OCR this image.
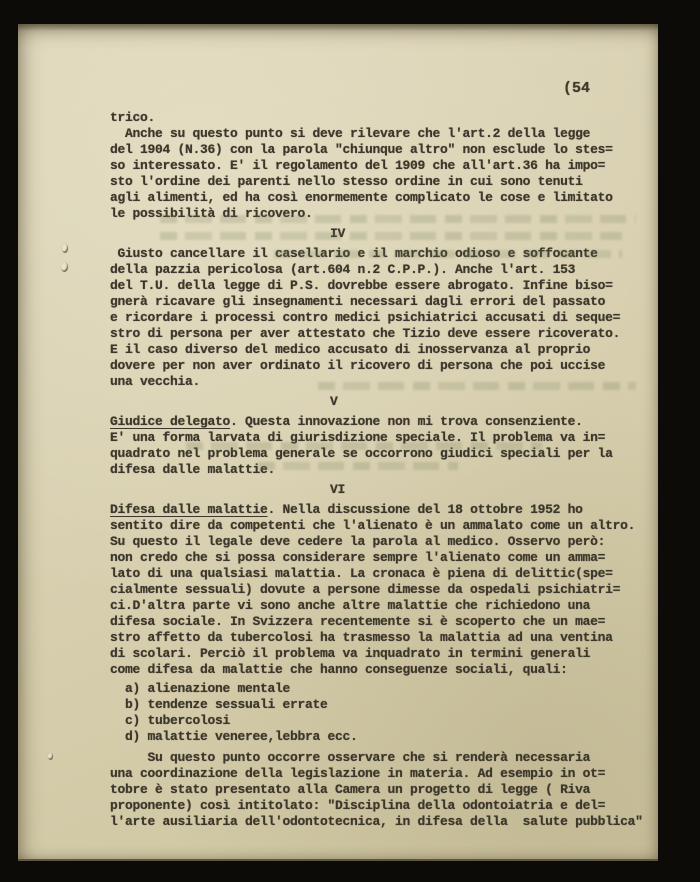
(54
trico.
Anche su questo punto si deve rilevare che l'art.2 della legge
del 1904 (N.36) con la parola "chiunque altro" non esclude lo stes=
so interessato. E' il regolamento del 1909 che all'art.36 ha impo=
sto l'ordine dei parenti nello stesso ordine in cui sono tenuti
agli alimenti, ed ha così enormemente complicato le cose e limitato
le possibilità di ricovero.
IV
Giusto cancellare il casellario e il marchio odioso e soffocante
della pazzia pericolosa (art.604 n.2 C.P.P.). Anche l'art. 153
del T.U. della legge di P.S. dovrebbe essere abrogato. Infine biso=
gnerà ricavare gli insegnamenti necessari dagli errori del passato
e ricordare i processi contro medici psichiatrici accusati di seque=
stro di persona per aver attestato che Tizio deve essere ricoverato.
E il caso diverso del medico accusato di inosservanza al proprio
dovere per non aver ordinato il ricovero di persona che poi uccise
una vecchia.
V
Giudice delegato. Questa innovazione non mi trova consenziente.
E' una forma larvata di giurisdizione speciale. Il problema va in=
quadrato nel problema generale se occorrono giudici speciali per la
difesa dalle malattie.
VI
Difesa dalle malattie. Nella discussione del 18 ottobre 1952 ho
sentito dire da competenti che l'alienato è un ammalato come un altro.
Su questo il legale deve cedere la parola al medico. Osservo però:
non credo che si possa considerare sempre l'alienato come un amma=
lato di una qualsiasi malattia. La cronaca è piena di delittic(spe=
cialmente sessuali) dovute a persone dimesse da ospedali psichiatri=
ci.D'altra parte vi sono anche altre malattie che richiedono una
difesa sociale. In Svizzera recentemente si è scoperto che un mae=
stro affetto da tubercolosi ha trasmesso la malattia ad una ventina
di scolari. Perciò il problema va inquadrato in termini generali
come difesa da malattie che hanno conseguenze sociali, quali:
a) alienazione mentale
b) tendenze sessuali errate
c) tubercolosi
d) malattie veneree,lebbra ecc.
Su questo punto occorre osservare che si renderà necessaria
una coordinazione della legislazione in materia. Ad esempio in ot=
tobre è stato presentato alla Camera un progetto di legge ( Riva
proponente) così intitolato: "Disciplina della odontoiatria e del=
l'arte ausiliaria dell'odontotecnica, in difesa della  salute pubblica"
